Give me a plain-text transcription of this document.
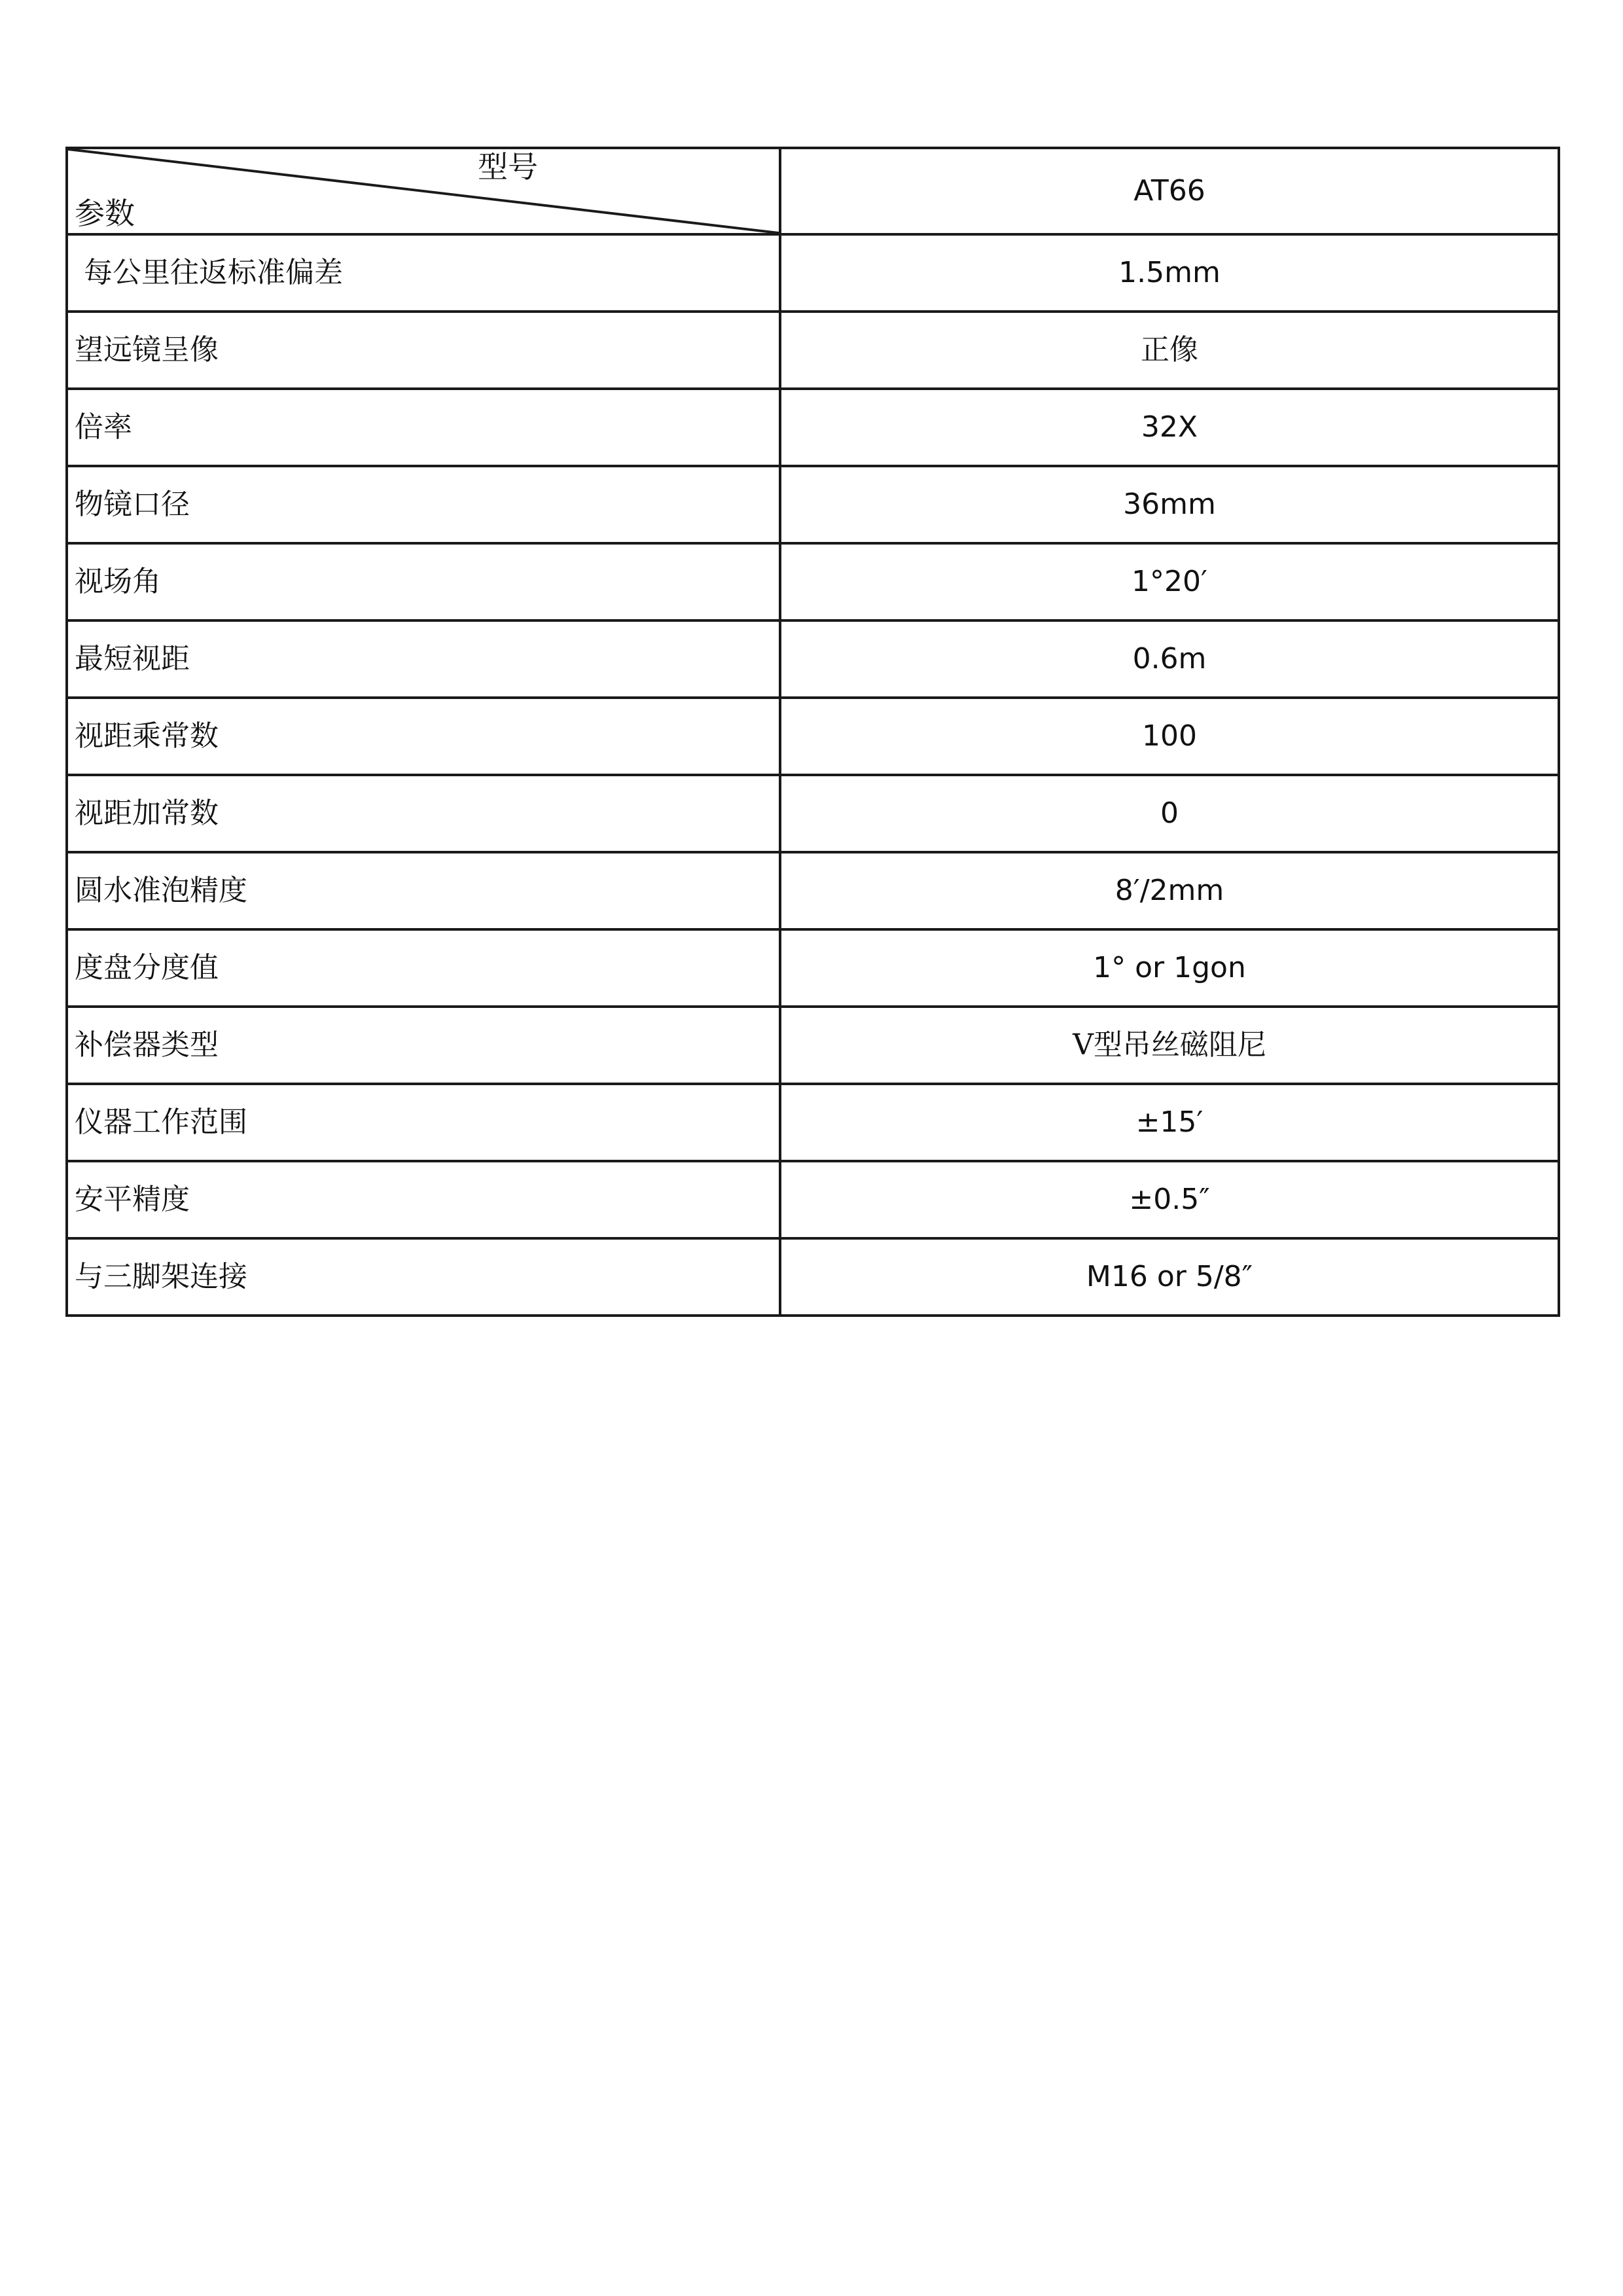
型号
参数	AT66
每公里往返标准偏差	1.5mm
望远镜呈像	正像
倍率	32X
物镜口径	36mm
视场角	1°20′
最短视距	0.6m
视距乘常数	100
视距加常数	0
圆水准泡精度	8′/2mm
度盘分度值	1° or 1gon
补偿器类型	V型吊丝磁阻尼
仪器工作范围	±15′
安平精度	±0.5″
与三脚架连接	M16 or 5/8″
